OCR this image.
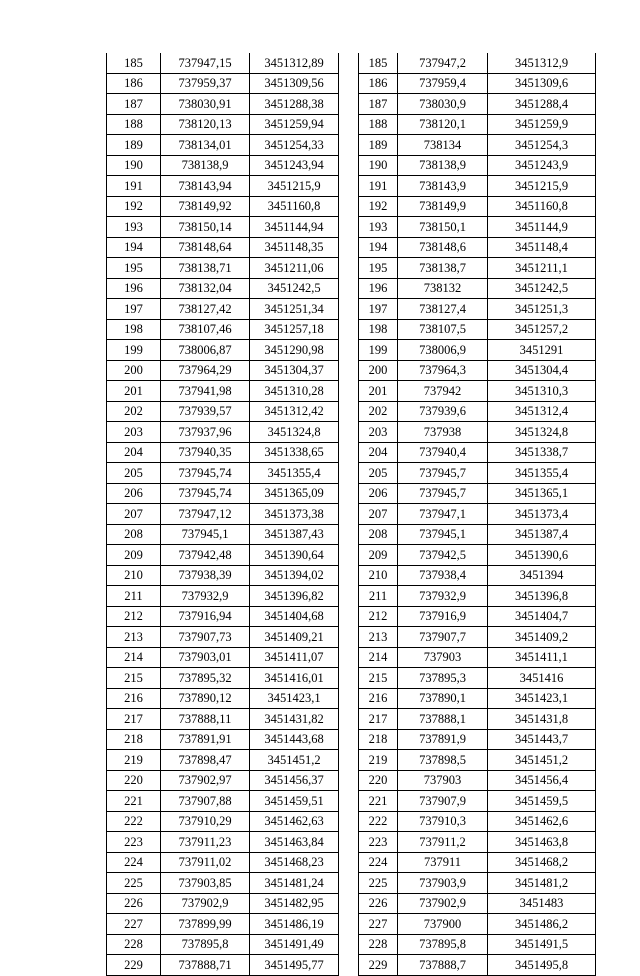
185	737947,15	3451312,89
186	737959,37	3451309,56
187	738030,91	3451288,38
188	738120,13	3451259,94
189	738134,01	3451254,33
190	738138,9	3451243,94
191	738143,94	3451215,9
192	738149,92	3451160,8
193	738150,14	3451144,94
194	738148,64	3451148,35
195	738138,71	3451211,06
196	738132,04	3451242,5
197	738127,42	3451251,34
198	738107,46	3451257,18
199	738006,87	3451290,98
200	737964,29	3451304,37
201	737941,98	3451310,28
202	737939,57	3451312,42
203	737937,96	3451324,8
204	737940,35	3451338,65
205	737945,74	3451355,4
206	737945,74	3451365,09
207	737947,12	3451373,38
208	737945,1	3451387,43
209	737942,48	3451390,64
210	737938,39	3451394,02
211	737932,9	3451396,82
212	737916,94	3451404,68
213	737907,73	3451409,21
214	737903,01	3451411,07
215	737895,32	3451416,01
216	737890,12	3451423,1
217	737888,11	3451431,82
218	737891,91	3451443,68
219	737898,47	3451451,2
220	737902,97	3451456,37
221	737907,88	3451459,51
222	737910,29	3451462,63
223	737911,23	3451463,84
224	737911,02	3451468,23
225	737903,85	3451481,24
226	737902,9	3451482,95
227	737899,99	3451486,19
228	737895,8	3451491,49
229	737888,71	3451495,77
185	737947,2	3451312,9
186	737959,4	3451309,6
187	738030,9	3451288,4
188	738120,1	3451259,9
189	738134	3451254,3
190	738138,9	3451243,9
191	738143,9	3451215,9
192	738149,9	3451160,8
193	738150,1	3451144,9
194	738148,6	3451148,4
195	738138,7	3451211,1
196	738132	3451242,5
197	738127,4	3451251,3
198	738107,5	3451257,2
199	738006,9	3451291
200	737964,3	3451304,4
201	737942	3451310,3
202	737939,6	3451312,4
203	737938	3451324,8
204	737940,4	3451338,7
205	737945,7	3451355,4
206	737945,7	3451365,1
207	737947,1	3451373,4
208	737945,1	3451387,4
209	737942,5	3451390,6
210	737938,4	3451394
211	737932,9	3451396,8
212	737916,9	3451404,7
213	737907,7	3451409,2
214	737903	3451411,1
215	737895,3	3451416
216	737890,1	3451423,1
217	737888,1	3451431,8
218	737891,9	3451443,7
219	737898,5	3451451,2
220	737903	3451456,4
221	737907,9	3451459,5
222	737910,3	3451462,6
223	737911,2	3451463,8
224	737911	3451468,2
225	737903,9	3451481,2
226	737902,9	3451483
227	737900	3451486,2
228	737895,8	3451491,5
229	737888,7	3451495,8
